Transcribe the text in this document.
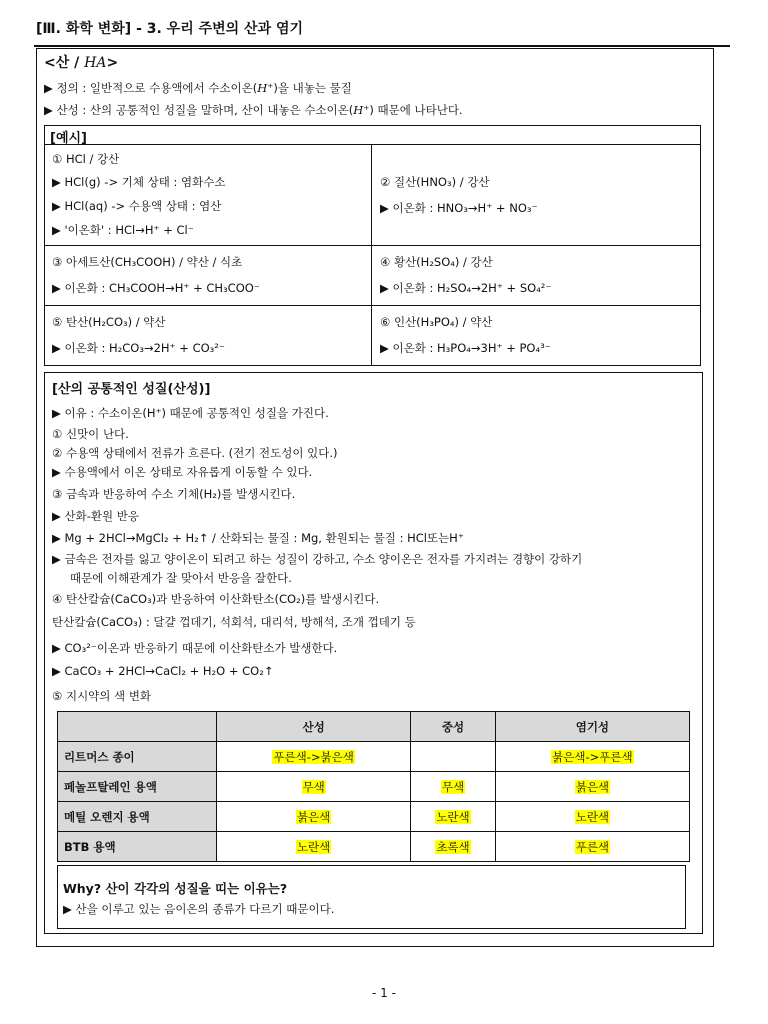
[Ⅲ. 화학 변화] - 3. 우리 주변의 산과 염기
<산 / HA>
▶ 정의 : 일반적으로 수용액에서 수소이온(H⁺)을 내놓는 물질
▶ 산성 : 산의 공통적인 성질을 말하며, 산이 내놓은 수소이온(H⁺) 때문에 나타난다.
[예시]
① HCl / 강산
▶ HCl(g) -> 기체 상태 : 염화수소
▶ HCl(aq) -> 수용액 상태 : 염산
▶ '이온화' : HCl→H⁺ + Cl⁻
② 질산(HNO₃) / 강산
▶ 이온화 : HNO₃→H⁺ + NO₃⁻
③ 아세트산(CH₃COOH) / 약산 / 식초
▶ 이온화 : CH₃COOH→H⁺ + CH₃COO⁻
④ 황산(H₂SO₄) / 강산
▶ 이온화 : H₂SO₄→2H⁺ + SO₄²⁻
⑤ 탄산(H₂CO₃) / 약산
▶ 이온화 : H₂CO₃→2H⁺ + CO₃²⁻
⑥ 인산(H₃PO₄) / 약산
▶ 이온화 : H₃PO₄→3H⁺ + PO₄³⁻
[산의 공통적인 성질(산성)]
▶ 이유 : 수소이온(H⁺) 때문에 공통적인 성질을 가진다.
① 신맛이 난다.
② 수용액 상태에서 전류가 흐른다. (전기 전도성이 있다.)
▶ 수용액에서 이온 상태로 자유롭게 이동할 수 있다.
③ 금속과 반응하여 수소 기체(H₂)를 발생시킨다.
▶ 산화-환원 반응
▶ Mg + 2HCl→MgCl₂ + H₂↑ / 산화되는 물질 : Mg, 환원되는 물질 : HCl또는H⁺
▶ 금속은 전자를 잃고 양이온이 되려고 하는 성질이 강하고, 수소 양이온은 전자를 가지려는 경향이 강하기
때문에 이해관계가 잘 맞아서 반응을 잘한다.
④ 탄산칼슘(CaCO₃)과 반응하여 이산화탄소(CO₂)를 발생시킨다.
탄산칼슘(CaCO₃) : 달걀 껍데기, 석회석, 대리석, 방해석, 조개 껍데기 등
▶ CO₃²⁻이온과 반응하기 때문에 이산화탄소가 발생한다.
▶ CaCO₃ + 2HCl→CaCl₂ + H₂O + CO₂↑
⑤ 지시약의 색 변화
	산성	중성	염기성
리트머스 종이	푸른색->붉은색		붉은색->푸른색
페놀프탈레인 용액	무색	무색	붉은색
메틸 오렌지 용액	붉은색	노란색	노란색
BTB 용액	노란색	초록색	푸른색
Why? 산이 각각의 성질을 띠는 이유는?
▶ 산을 이루고 있는 음이온의 종류가 다르기 때문이다.
- 1 -
